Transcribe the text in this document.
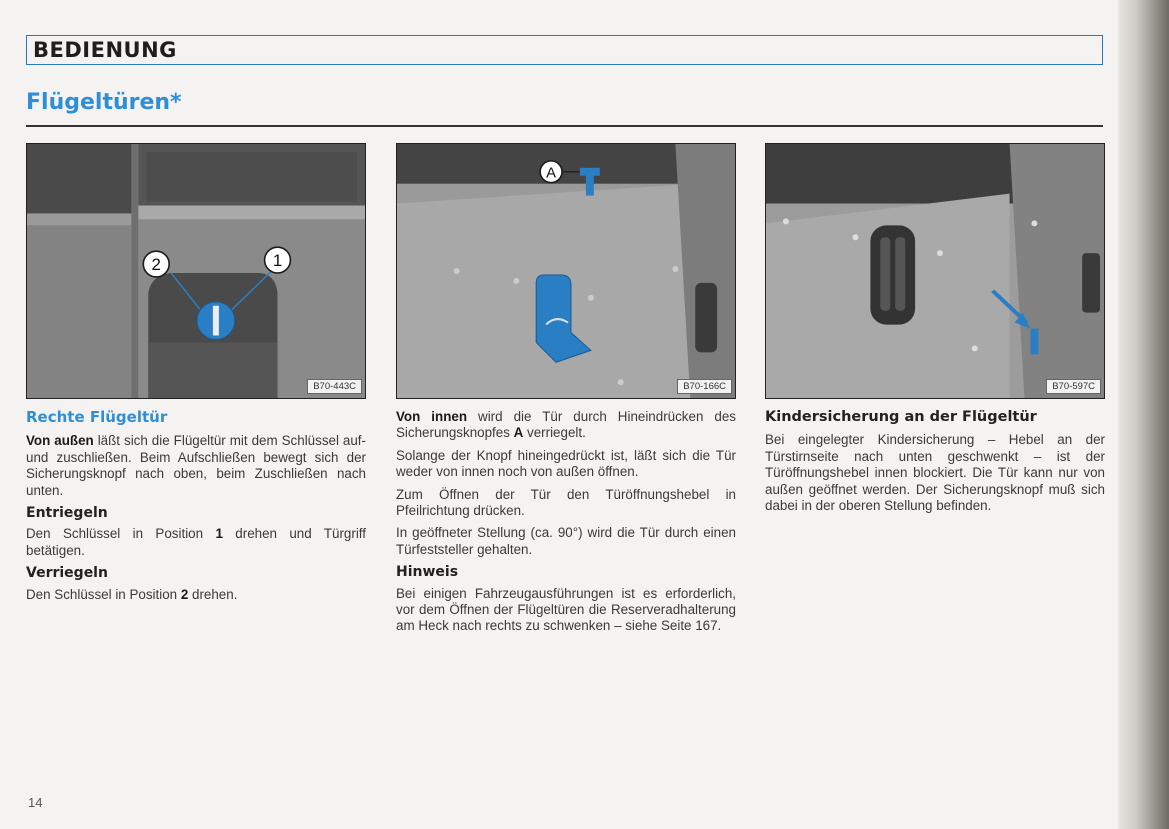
BEDIENUNG
Flügeltüren*
2	1
B70-443C
A
B70-166C	B70-597C
Rechte Flügeltür

Von außen läßt sich die Flügeltür mit dem Schlüssel auf- und zuschließen. Beim Aufschließen bewegt sich der Sicherungsknopf nach oben, beim Zuschließen nach unten.

Entriegeln

Den Schlüssel in Position 1 drehen und Türgriff betätigen.

Verriegeln

Den Schlüssel in Position 2 drehen.

Von innen wird die Tür durch Hineindrücken des Sicherungsknopfes A verriegelt.

Solange der Knopf hineingedrückt ist, läßt sich die Tür weder von innen noch von außen öffnen.

Zum Öffnen der Tür den Türöffnungshebel in Pfeilrichtung drücken.

In geöffneter Stellung (ca. 90°) wird die Tür durch einen Türfeststeller gehalten.

Hinweis

Bei einigen Fahrzeugausführungen ist es erforderlich, vor dem Öffnen der Flügeltüren die Reserveradhalterung am Heck nach rechts zu schwenken – siehe Seite 167.

Kindersicherung an der Flügeltür

Bei eingelegter Kindersicherung – Hebel an der Türstirnseite nach unten geschwenkt – ist der Türöffnungshebel innen blockiert. Die Tür kann nur von außen geöffnet werden. Der Sicherungsknopf muß sich dabei in der oberen Stellung befinden.

14
